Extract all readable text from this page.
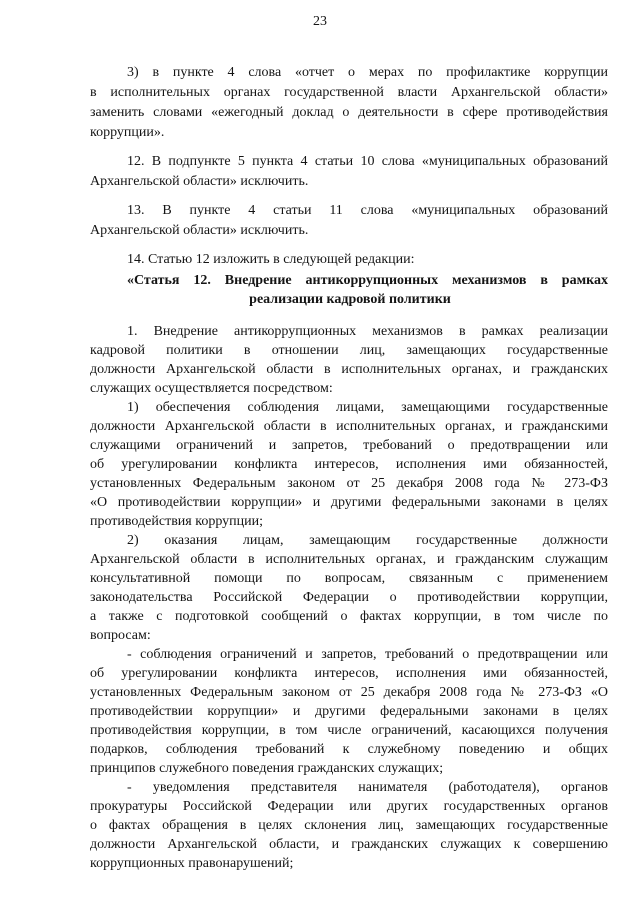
23
3) в пункте 4 слова «отчет о мерах по профилактике коррупции
в исполнительных органах государственной власти Архангельской области»
заменить словами «ежегодный доклад о деятельности в сфере противодействия
коррупции».
12. В подпункте 5 пункта 4 статьи 10 слова «муниципальных образований
Архангельской области» исключить.
13. В пункте 4 статьи 11 слова «муниципальных образований
Архангельской области» исключить.
14. Статью 12 изложить в следующей редакции:
«Статья 12. Внедрение антикоррупционных механизмов в рамках
реализации кадровой политики
1. Внедрение антикоррупционных механизмов в рамках реализации
кадровой политики в отношении лиц, замещающих государственные
должности Архангельской области в исполнительных органах, и гражданских
служащих осуществляется посредством:
1) обеспечения соблюдения лицами, замещающими государственные
должности Архангельской области в исполнительных органах, и гражданскими
служащими ограничений и запретов, требований о предотвращении или
об урегулировании конфликта интересов, исполнения ими обязанностей,
установленных Федеральным законом от 25 декабря 2008 года № 273-ФЗ
«О противодействии коррупции» и другими федеральными законами в целях
противодействия коррупции;
2) оказания лицам, замещающим государственные должности
Архангельской области в исполнительных органах, и гражданским служащим
консультативной помощи по вопросам, связанным с применением
законодательства Российской Федерации о противодействии коррупции,
а также с подготовкой сообщений о фактах коррупции, в том числе по
вопросам:
- соблюдения ограничений и запретов, требований о предотвращении или
об урегулировании конфликта интересов, исполнения ими обязанностей,
установленных Федеральным законом от 25 декабря 2008 года № 273-ФЗ «О
противодействии коррупции» и другими федеральными законами в целях
противодействия коррупции, в том числе ограничений, касающихся получения
подарков, соблюдения требований к служебному поведению и общих
принципов служебного поведения гражданских служащих;
- уведомления представителя нанимателя (работодателя), органов
прокуратуры Российской Федерации или других государственных органов
о фактах обращения в целях склонения лиц, замещающих государственные
должности Архангельской области, и гражданских служащих к совершению
коррупционных правонарушений;
